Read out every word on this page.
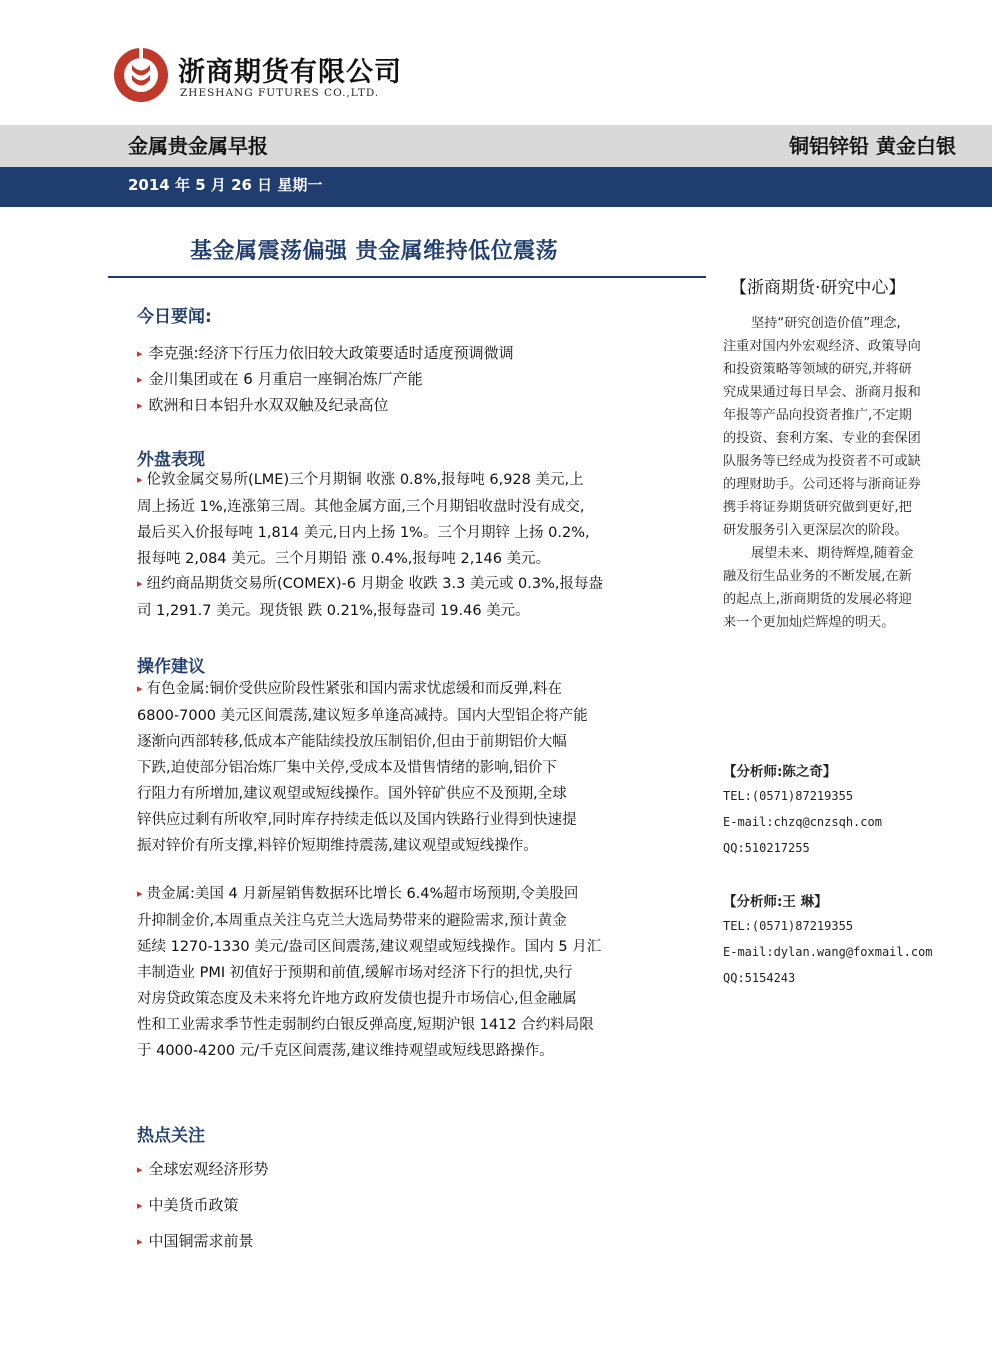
浙商期货有限公司
ZHESHANG FUTURES CO.,LTD.
金属贵金属早报	铜铝锌铅 黄金白银
2014 年 5 月 26 日 星期一
基金属震荡偏强 贵金属维持低位震荡
今日要闻:
▸ 李克强:经济下行压力依旧较大政策要适时适度预调微调
▸ 金川集团或在 6 月重启一座铜冶炼厂产能
▸ 欧洲和日本铝升水双双触及纪录高位
外盘表现
▸ 伦敦金属交易所(LME)三个月期铜 收涨 0.8%,报每吨 6,928 美元,上
周上扬近 1%,连涨第三周。其他金属方面,三个月期铝收盘时没有成交,
最后买入价报每吨 1,814 美元,日内上扬 1%。三个月期锌 上扬 0.2%,
报每吨 2,084 美元。三个月期铅 涨 0.4%,报每吨 2,146 美元。
▸ 纽约商品期货交易所(COMEX)-6 月期金 收跌 3.3 美元或 0.3%,报每盎
司 1,291.7 美元。现货银 跌 0.21%,报每盎司 19.46 美元。
操作建议
▸ 有色金属:铜价受供应阶段性紧张和国内需求忧虑缓和而反弹,料在
6800-7000 美元区间震荡,建议短多单逢高减持。国内大型铝企将产能
逐渐向西部转移,低成本产能陆续投放压制铝价,但由于前期铝价大幅
下跌,迫使部分铝冶炼厂集中关停,受成本及惜售情绪的影响,铝价下
行阻力有所增加,建议观望或短线操作。国外锌矿供应不及预期,全球
锌供应过剩有所收窄,同时库存持续走低以及国内铁路行业得到快速提
振对锌价有所支撑,料锌价短期维持震荡,建议观望或短线操作。
▸ 贵金属:美国 4 月新屋销售数据环比增长 6.4%超市场预期,令美股回
升抑制金价,本周重点关注乌克兰大选局势带来的避险需求,预计黄金
延续 1270-1330 美元/盎司区间震荡,建议观望或短线操作。国内 5 月汇
丰制造业 PMI 初值好于预期和前值,缓解市场对经济下行的担忧,央行
对房贷政策态度及未来将允许地方政府发债也提升市场信心,但金融属
性和工业需求季节性走弱制约白银反弹高度,短期沪银 1412 合约料局限
于 4000-4200 元/千克区间震荡,建议维持观望或短线思路操作。
热点关注
▸ 全球宏观经济形势
▸ 中美货币政策
▸ 中国铜需求前景
【浙商期货·研究中心】
坚持“研究创造价值”理念,
注重对国内外宏观经济、政策导向
和投资策略等领域的研究,并将研
究成果通过每日早会、浙商月报和
年报等产品向投资者推广,不定期
的投资、套利方案、专业的套保团
队服务等已经成为投资者不可或缺
的理财助手。公司还将与浙商证券
携手将证券期货研究做到更好,把
研发服务引入更深层次的阶段。
展望未来、期待辉煌,随着金
融及衍生品业务的不断发展,在新
的起点上,浙商期货的发展必将迎
来一个更加灿烂辉煌的明天。
【分析师:陈之奇】
TEL:(0571)87219355
E-mail:chzq@cnzsqh.com
QQ:510217255
【分析师:王 琳】
TEL:(0571)87219355
E-mail:dylan.wang@foxmail.com
QQ:5154243
